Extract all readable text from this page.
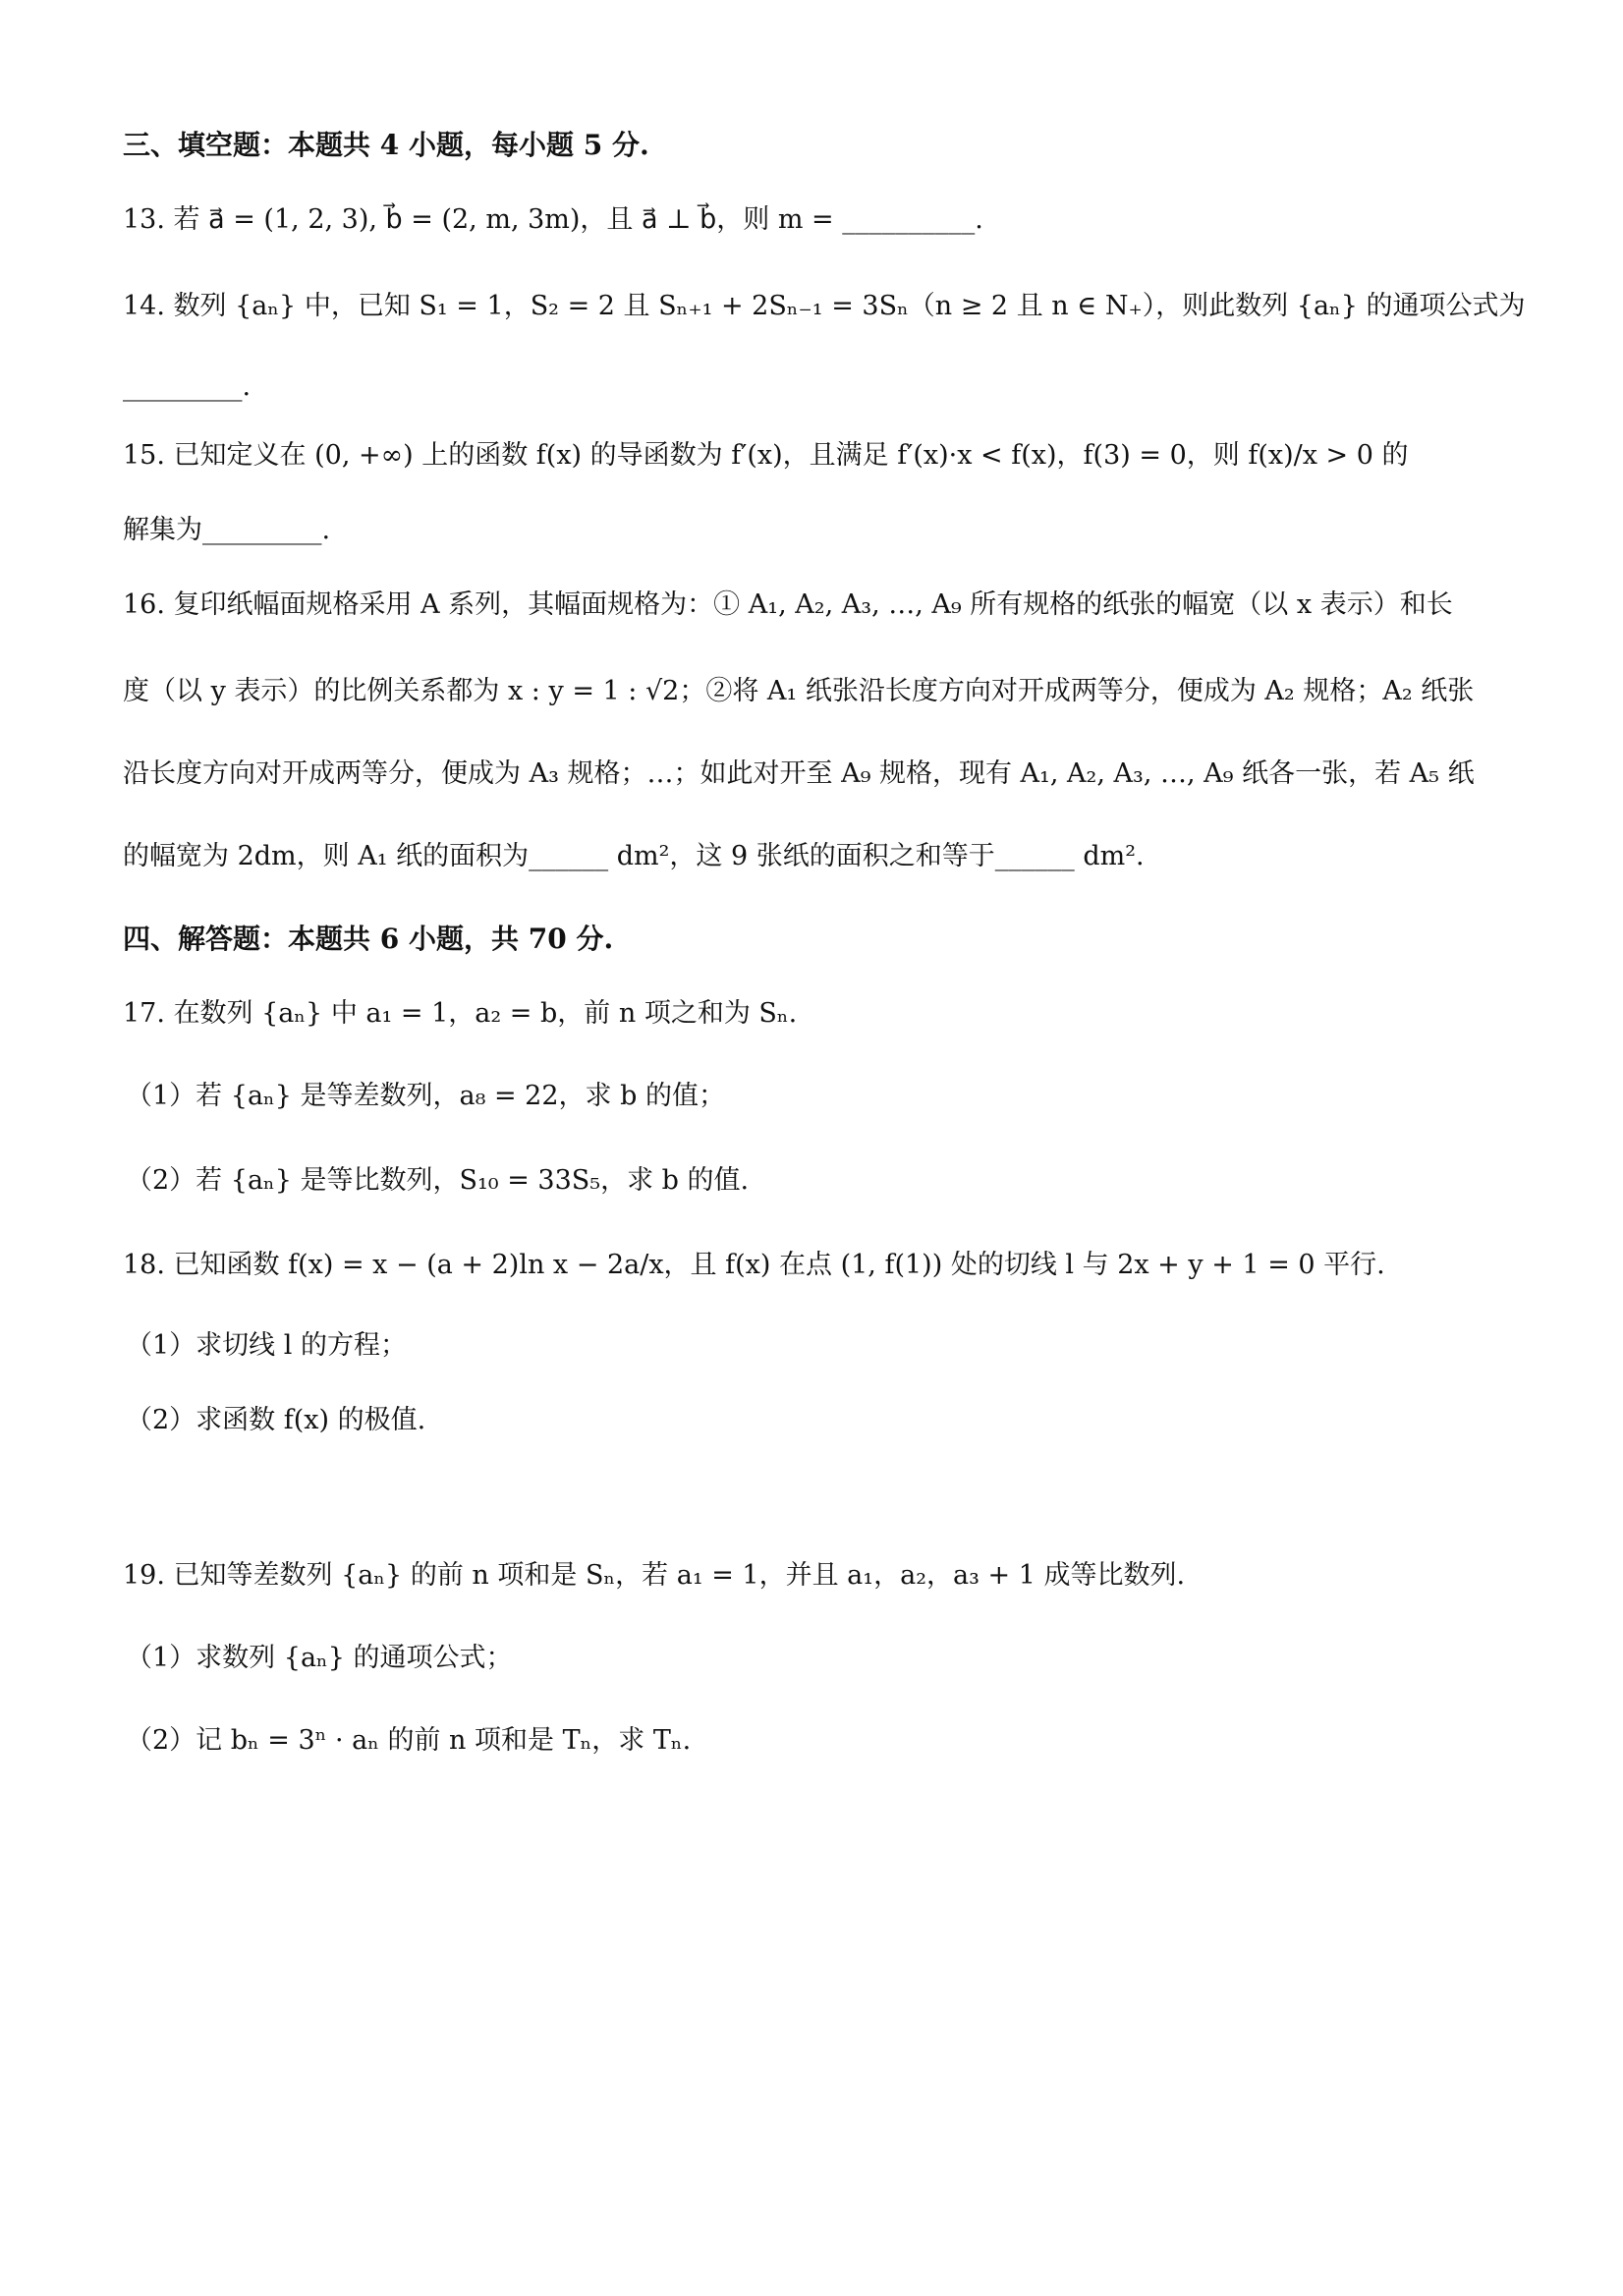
三、填空题：本题共 4 小题，每小题 5 分.
13. 若 a⃗ = (1, 2, 3), b⃗ = (2, m, 3m)，且 a⃗ ⊥ b⃗，则 m = __________.
14. 数列 {aₙ} 中，已知 S₁ = 1，S₂ = 2 且 Sₙ₊₁ + 2Sₙ₋₁ = 3Sₙ（n ≥ 2 且 n ∈ N₊），则此数列 {aₙ} 的通项公式为
_________.
15. 已知定义在 (0, +∞) 上的函数 f(x) 的导函数为 f′(x)，且满足 f′(x)·x < f(x)，f(3) = 0，则 f(x)/x > 0 的
解集为_________.
16. 复印纸幅面规格采用 A 系列，其幅面规格为：① A₁, A₂, A₃, …, A₉ 所有规格的纸张的幅宽（以 x 表示）和长
度（以 y 表示）的比例关系都为 x : y = 1 : √2；②将 A₁ 纸张沿长度方向对开成两等分，便成为 A₂ 规格；A₂ 纸张
沿长度方向对开成两等分，便成为 A₃ 规格；…；如此对开至 A₉ 规格，现有 A₁, A₂, A₃, …, A₉ 纸各一张，若 A₅ 纸
的幅宽为 2dm，则 A₁ 纸的面积为______ dm²，这 9 张纸的面积之和等于______ dm².
四、解答题：本题共 6 小题，共 70 分.
17. 在数列 {aₙ} 中 a₁ = 1，a₂ = b，前 n 项之和为 Sₙ.
（1）若 {aₙ} 是等差数列，a₈ = 22，求 b 的值；
（2）若 {aₙ} 是等比数列，S₁₀ = 33S₅，求 b 的值.
18. 已知函数 f(x) = x − (a + 2)ln x − 2a/x，且 f(x) 在点 (1, f(1)) 处的切线 l 与 2x + y + 1 = 0 平行.
（1）求切线 l 的方程；
（2）求函数 f(x) 的极值.
19. 已知等差数列 {aₙ} 的前 n 项和是 Sₙ，若 a₁ = 1，并且 a₁，a₂，a₃ + 1 成等比数列.
（1）求数列 {aₙ} 的通项公式；
（2）记 bₙ = 3ⁿ · aₙ 的前 n 项和是 Tₙ，求 Tₙ.
